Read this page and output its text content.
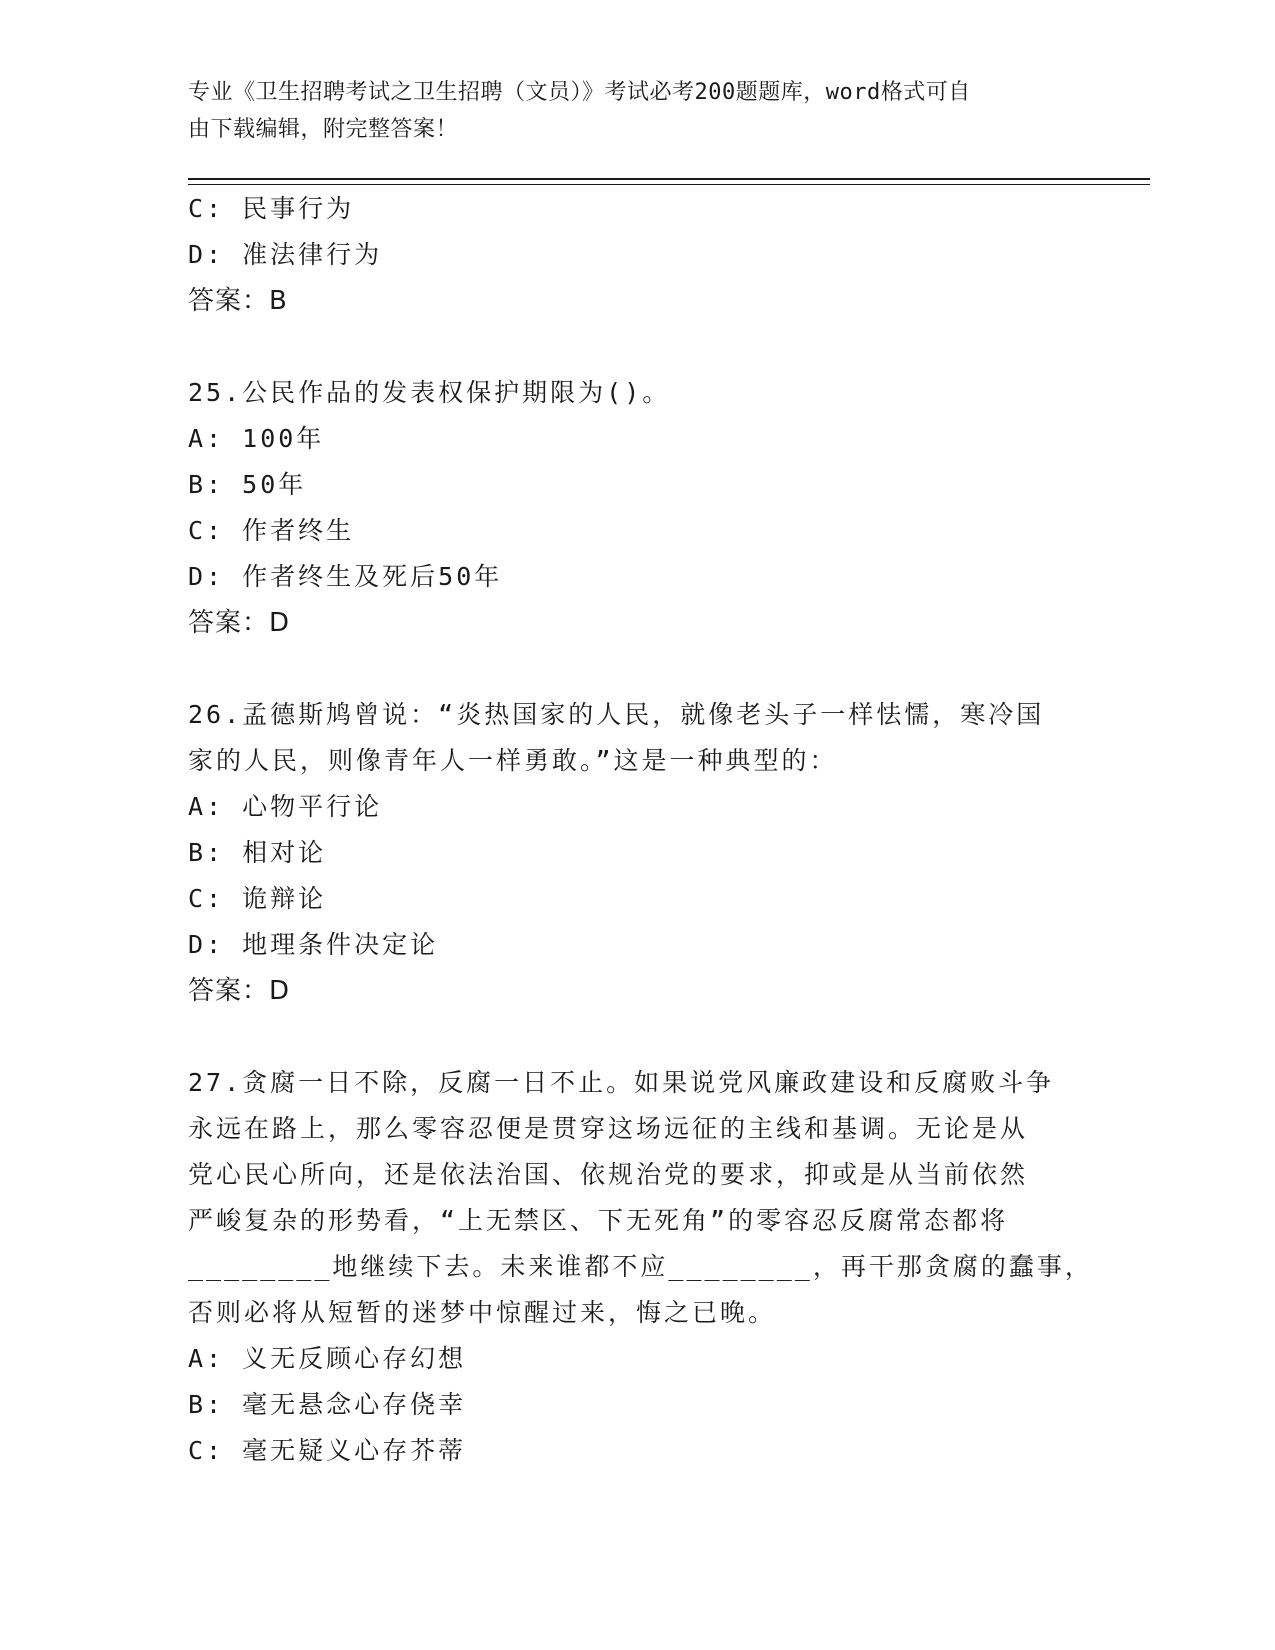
专业《卫生招聘考试之卫生招聘（文员）》考试必考200题题库，word格式可自
由下载编辑，附完整答案！
C: 民事行为
D: 准法律行为
答案：B
25.公民作品的发表权保护期限为()。
A: 100年
B: 50年
C: 作者终生
D: 作者终生及死后50年
答案：D
26.孟德斯鸠曾说：“炎热国家的人民，就像老头子一样怯懦，寒冷国
家的人民，则像青年人一样勇敢。”这是一种典型的：
A: 心物平行论
B: 相对论
C: 诡辩论
D: 地理条件决定论
答案：D
27.贪腐一日不除，反腐一日不止。如果说党风廉政建设和反腐败斗争
永远在路上，那么零容忍便是贯穿这场远征的主线和基调。无论是从
党心民心所向，还是依法治国、依规治党的要求，抑或是从当前依然
严峻复杂的形势看，“上无禁区、下无死角”的零容忍反腐常态都将
________地继续下去。未来谁都不应________，再干那贪腐的蠢事，
否则必将从短暂的迷梦中惊醒过来，悔之已晚。
A: 义无反顾心存幻想
B: 毫无悬念心存侥幸
C: 毫无疑义心存芥蒂
